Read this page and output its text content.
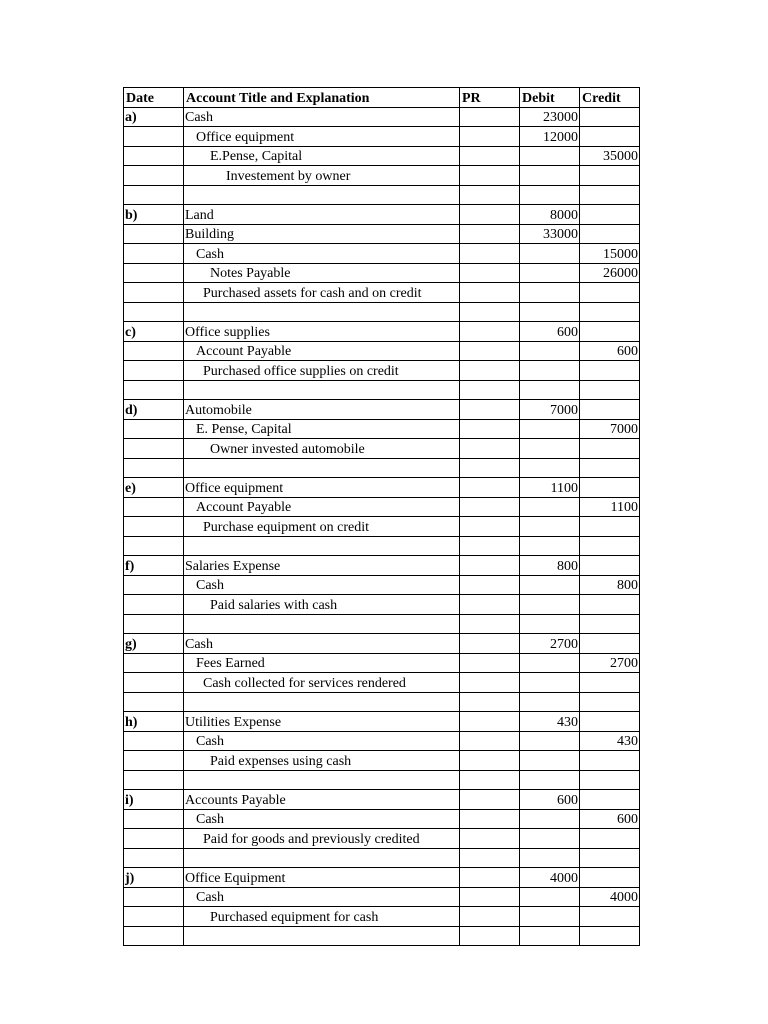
Date	Account Title and Explanation	PR	Debit	Credit
a)	Cash		23000	
	Office equipment		12000	
	E.Pense, Capital			35000
	Investement by owner			

b)	Land		8000	
	Building		33000	
	Cash			15000
	Notes Payable			26000
	Purchased assets for cash and on credit			

c)	Office supplies		600	
	Account Payable			600
	Purchased office supplies on credit			

d)	Automobile		7000	
	E. Pense, Capital			7000
	Owner invested automobile			

e)	Office equipment		1100	
	Account Payable			1100
	Purchase equipment on credit			

f)	Salaries Expense		800	
	Cash			800
	Paid salaries with cash			

g)	Cash		2700	
	Fees Earned			2700
	Cash collected for services rendered			

h)	Utilities Expense		430	
	Cash			430
	Paid expenses using cash			

i)	Accounts Payable		600	
	Cash			600
	Paid for goods and previously credited			

j)	Office Equipment		4000	
	Cash			4000
	Purchased equipment for cash			
